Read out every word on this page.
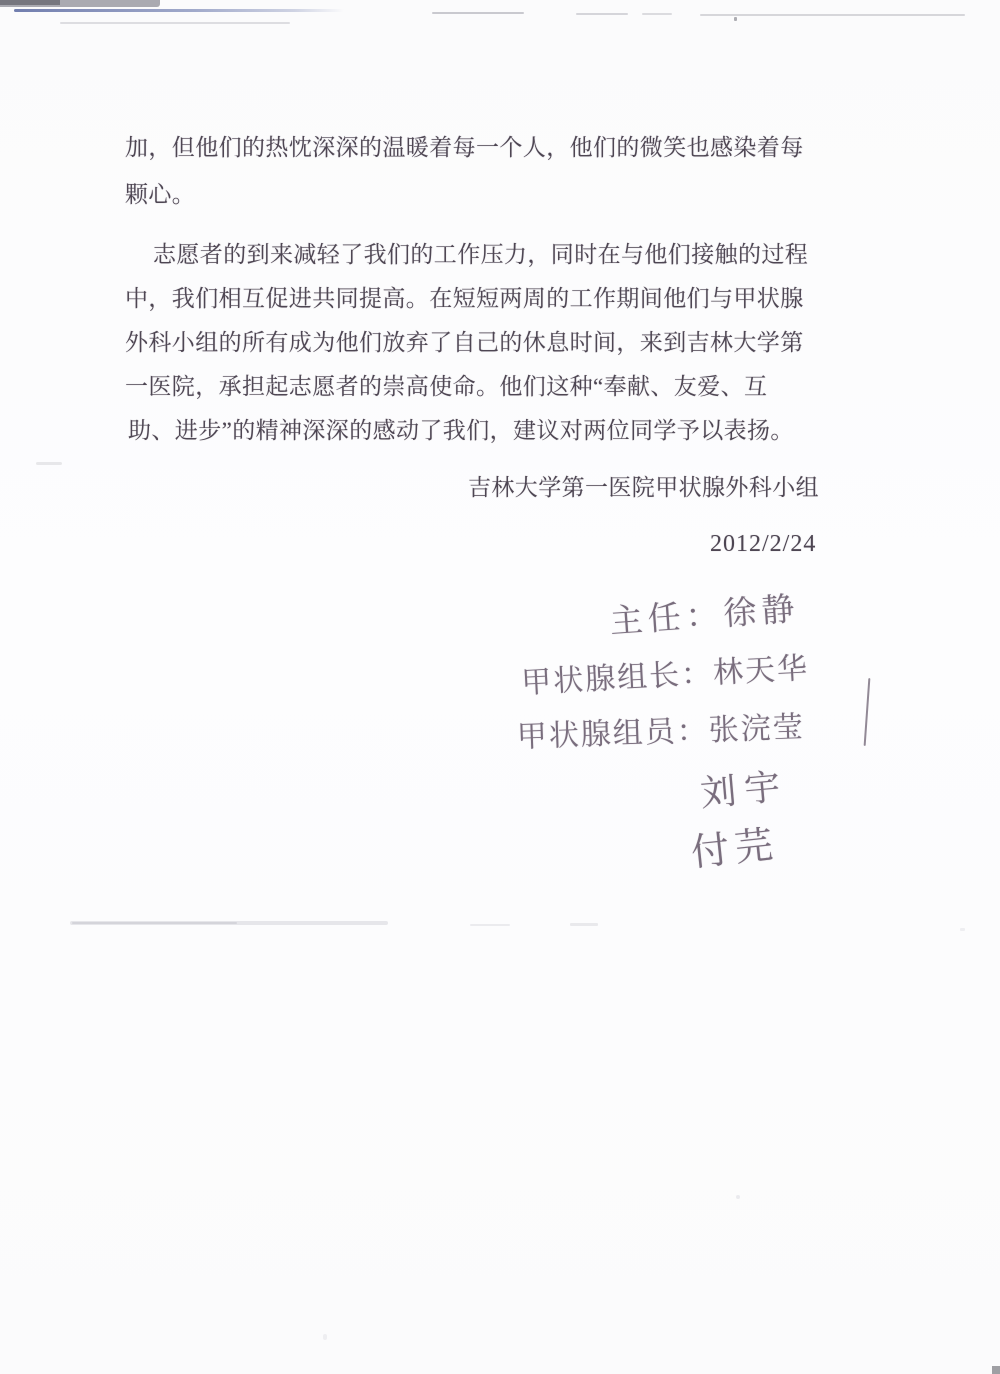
加，但他们的热忱深深的温暖着每一个人，他们的微笑也感染着每
颗心。
志愿者的到来减轻了我们的工作压力，同时在与他们接触的过程
中，我们相互促进共同提高。在短短两周的工作期间他们与甲状腺
外科小组的所有成为他们放弃了自己的休息时间，来到吉林大学第
一医院，承担起志愿者的崇高使命。他们这种“奉献、友爱、互
助、进步”的精神深深的感动了我们，建议对两位同学予以表扬。
吉林大学第一医院甲状腺外科小组
2012/2/24
主任：徐静
甲状腺组长：林天华
甲状腺组员：张浣莹
刘宇
付芫
